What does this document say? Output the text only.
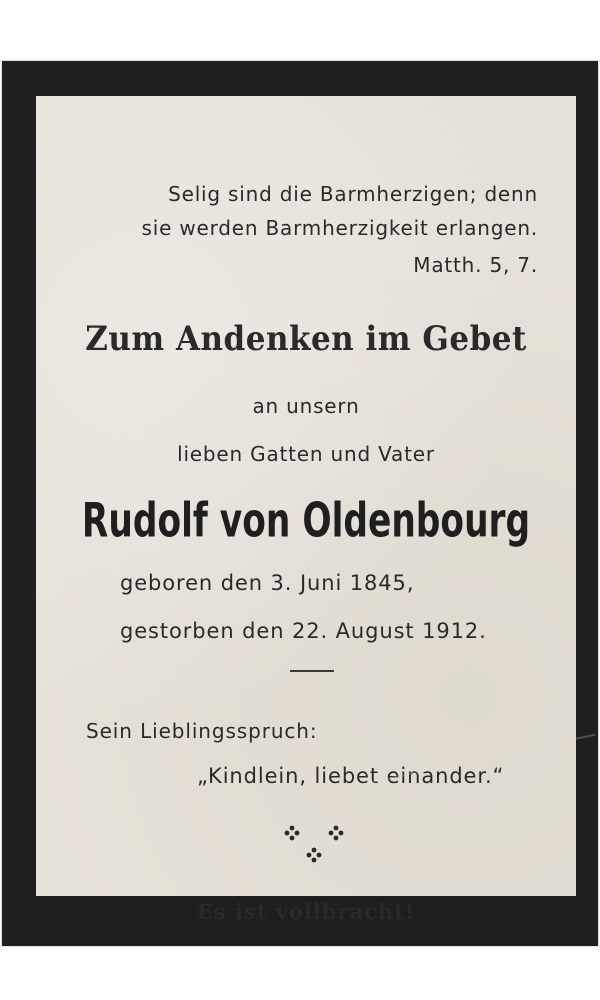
Selig sind die Barmherzigen; denn

sie werden Barmherzigkeit erlangen.

Matth. 5, 7.

Zum Andenken im Gebet

an unsern

lieben Gatten und Vater

Rudolf von Oldenbourg

geboren den 3. Juni 1845,

gestorben den 22. August 1912.

Sein Lieblingsspruch:

„Kindlein, liebet einander.“

Es ist vollbracht!
